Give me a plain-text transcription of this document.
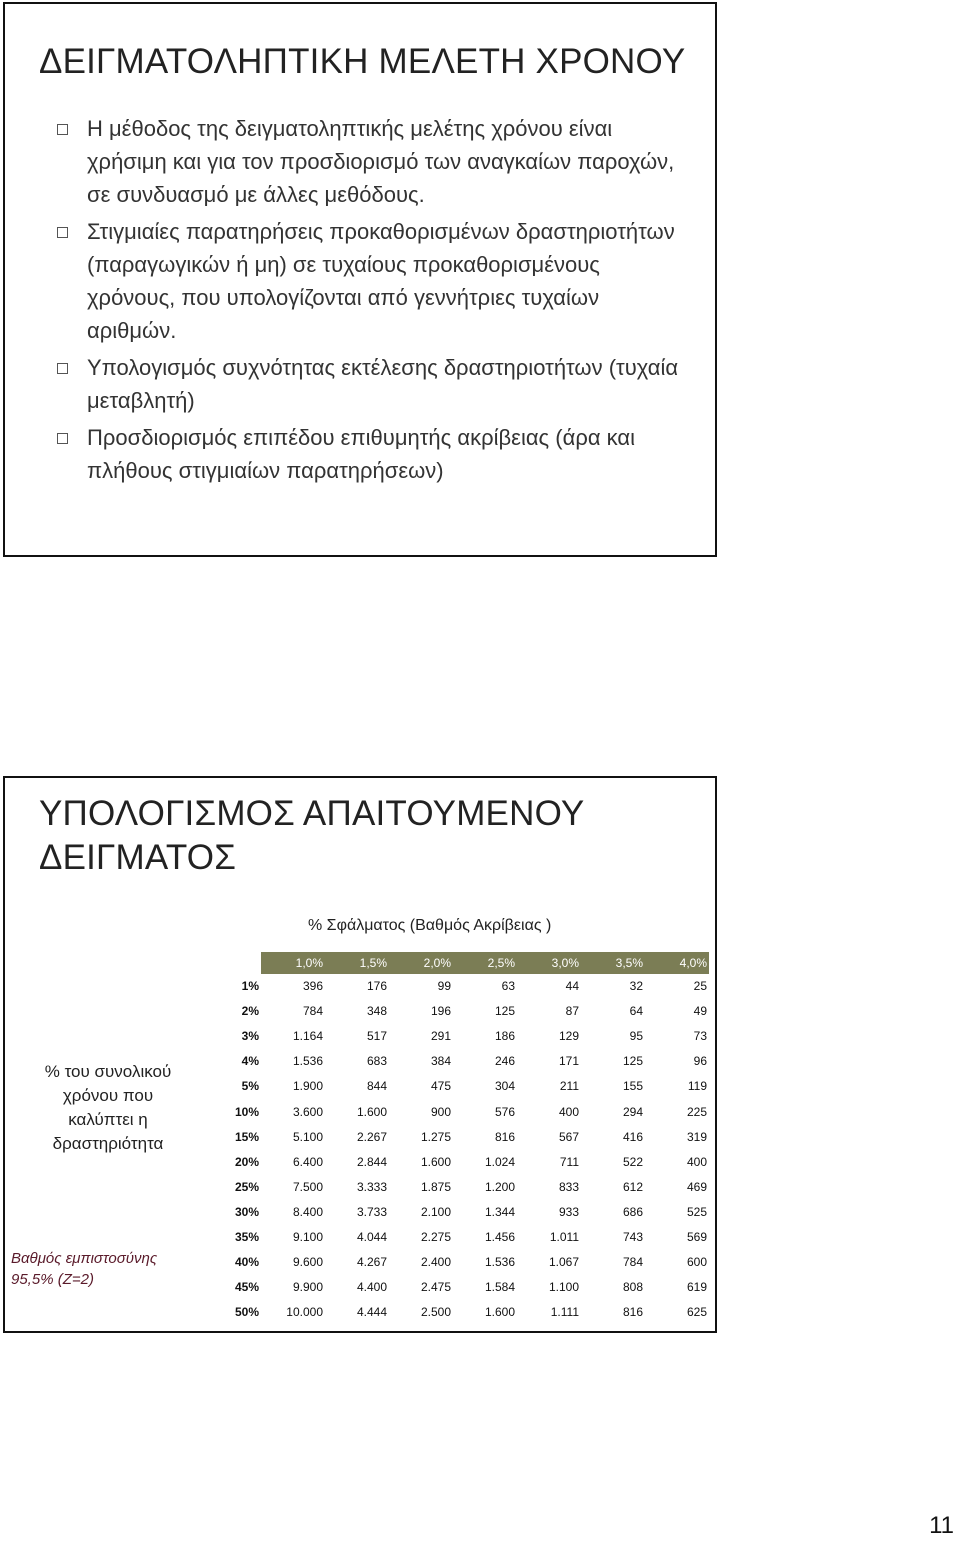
ΔΕΙΓΜΑΤΟΛΗΠΤΙΚΗ ΜΕΛΕΤΗ ΧΡΟΝΟΥ
Η μέθοδος της δειγματοληπτικής μελέτης χρόνου είναι χρήσιμη και για τον προσδιορισμό των αναγκαίων παροχών, σε συνδυασμό με άλλες μεθόδους.
Στιγμιαίες παρατηρήσεις προκαθορισμένων δραστηριοτήτων (παραγωγικών ή μη) σε τυχαίους προκαθορισμένους χρόνους, που υπολογίζονται από γεννήτριες τυχαίων αριθμών.
Υπολογισμός συχνότητας εκτέλεσης δραστηριοτήτων (τυχαία μεταβλητή)
Προσδιορισμός επιπέδου επιθυμητής ακρίβειας (άρα και πλήθους στιγμιαίων παρατηρήσεων)
ΥΠΟΛΟΓΙΣΜΟΣ ΑΠΑΙΤΟΥΜΕΝΟΥ ΔΕΙΓΜΑΤΟΣ
% Σφάλματος (Βαθμός Ακρίβειας )
% του συνολικού χρόνου που καλύπτει η δραστηριότητα
Βαθμός εμπιστοσύνης 95,5% (Z=2)
	1,0%	1,5%	2,0%	2,5%	3,0%	3,5%	4,0%
1%	396	176	99	63	44	32	25
2%	784	348	196	125	87	64	49
3%	1.164	517	291	186	129	95	73
4%	1.536	683	384	246	171	125	96
5%	1.900	844	475	304	211	155	119
10%	3.600	1.600	900	576	400	294	225
15%	5.100	2.267	1.275	816	567	416	319
20%	6.400	2.844	1.600	1.024	711	522	400
25%	7.500	3.333	1.875	1.200	833	612	469
30%	8.400	3.733	2.100	1.344	933	686	525
35%	9.100	4.044	2.275	1.456	1.011	743	569
40%	9.600	4.267	2.400	1.536	1.067	784	600
45%	9.900	4.400	2.475	1.584	1.100	808	619
50%	10.000	4.444	2.500	1.600	1.111	816	625
11
